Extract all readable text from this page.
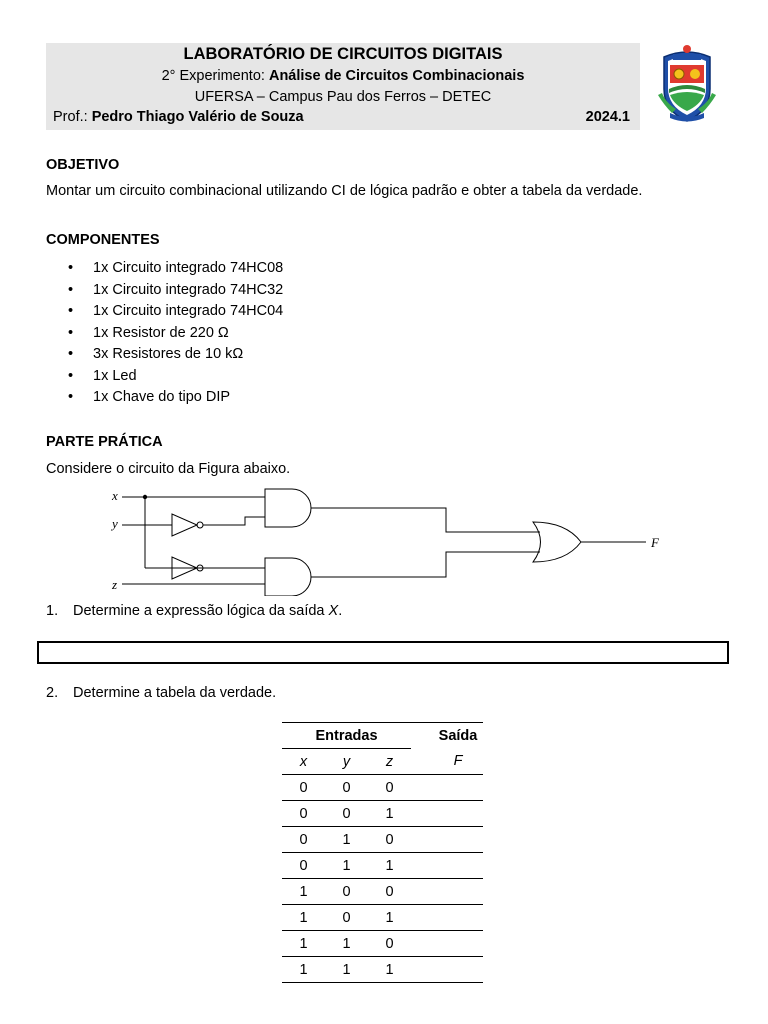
LABORATÓRIO DE CIRCUITOS DIGITAIS
2° Experimento: Análise de Circuitos Combinacionais
UFERSA – Campus Pau dos Ferros – DETEC
Prof.: Pedro Thiago Valério de Souza	2024.1
OBJETIVO
Montar um circuito combinacional utilizando CI de lógica padrão e obter a tabela da verdade.
COMPONENTES
• 1x Circuito integrado 74HC08
• 1x Circuito integrado 74HC32
• 1x Circuito integrado 74HC04
• 1x Resistor de 220 Ω
• 3x Resistores de 10 kΩ
• 1x Led
• 1x Chave do tipo DIP
PARTE PRÁTICA
Considere o circuito da Figura abaixo.
x
y
z
F
1. Determine a expressão lógica da saída X.
2. Determine a tabela da verdade.
Entradas				Saída
x	y	z		F
0	0	0		
0	0	1		
0	1	0		
0	1	1		
1	0	0		
1	0	1		
1	1	0		
1	1	1		
